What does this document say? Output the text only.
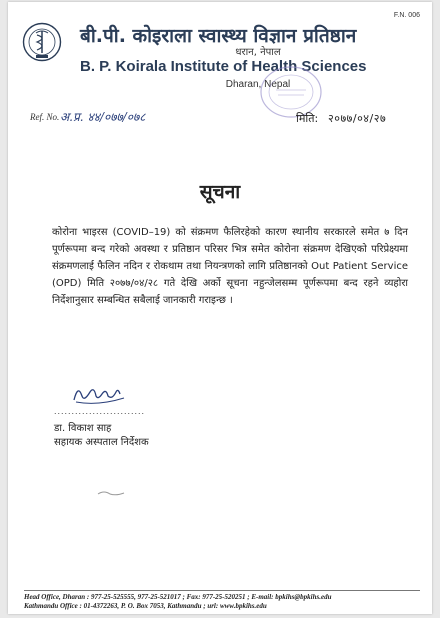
F.N. 006
बी.पी. कोइराला स्वास्थ्य विज्ञान प्रतिष्ठान
धरान, नेपाल
B. P. Koirala Institute of Health Sciences
Dharan, Nepal
Ref. No. अ.प्र. ४४/०७७/०७८	मिति: २०७७/०४/२७
सूचना
कोरोना भाइरस (COVID–19) को संक्रमण फैलिरहेको कारण स्थानीय सरकारले समेत ७ दिन पूर्णरूपमा बन्द गरेको अवस्था र प्रतिष्ठान परिसर भित्र समेत कोरोना संक्रमण देखिएको परिप्रेक्ष्यमा संक्रमणलाई फैलिन नदिन र रोकथाम तथा नियन्त्रणको लागि प्रतिष्ठानको Out Patient Service (OPD) मिति २०७७/०४/२८ गते देखि अर्को सूचना नहुन्जेलसम्म पूर्णरूपमा बन्द रहने व्यहोरा निर्देशानुसार सम्बन्धित सबैलाई जानकारी गराइन्छ ।
..........................
डा. विकाश साह
सहायक अस्पताल निर्देशक
Head Office, Dharan : 977-25-525555, 977-25-521017 ; Fax: 977-25-520251 ; E-mail: bpkihs@bpkihs.edu
Kathmandu Office : 01-4372263, P. O. Box 7053, Kathmandu ; url: www.bpkihs.edu
